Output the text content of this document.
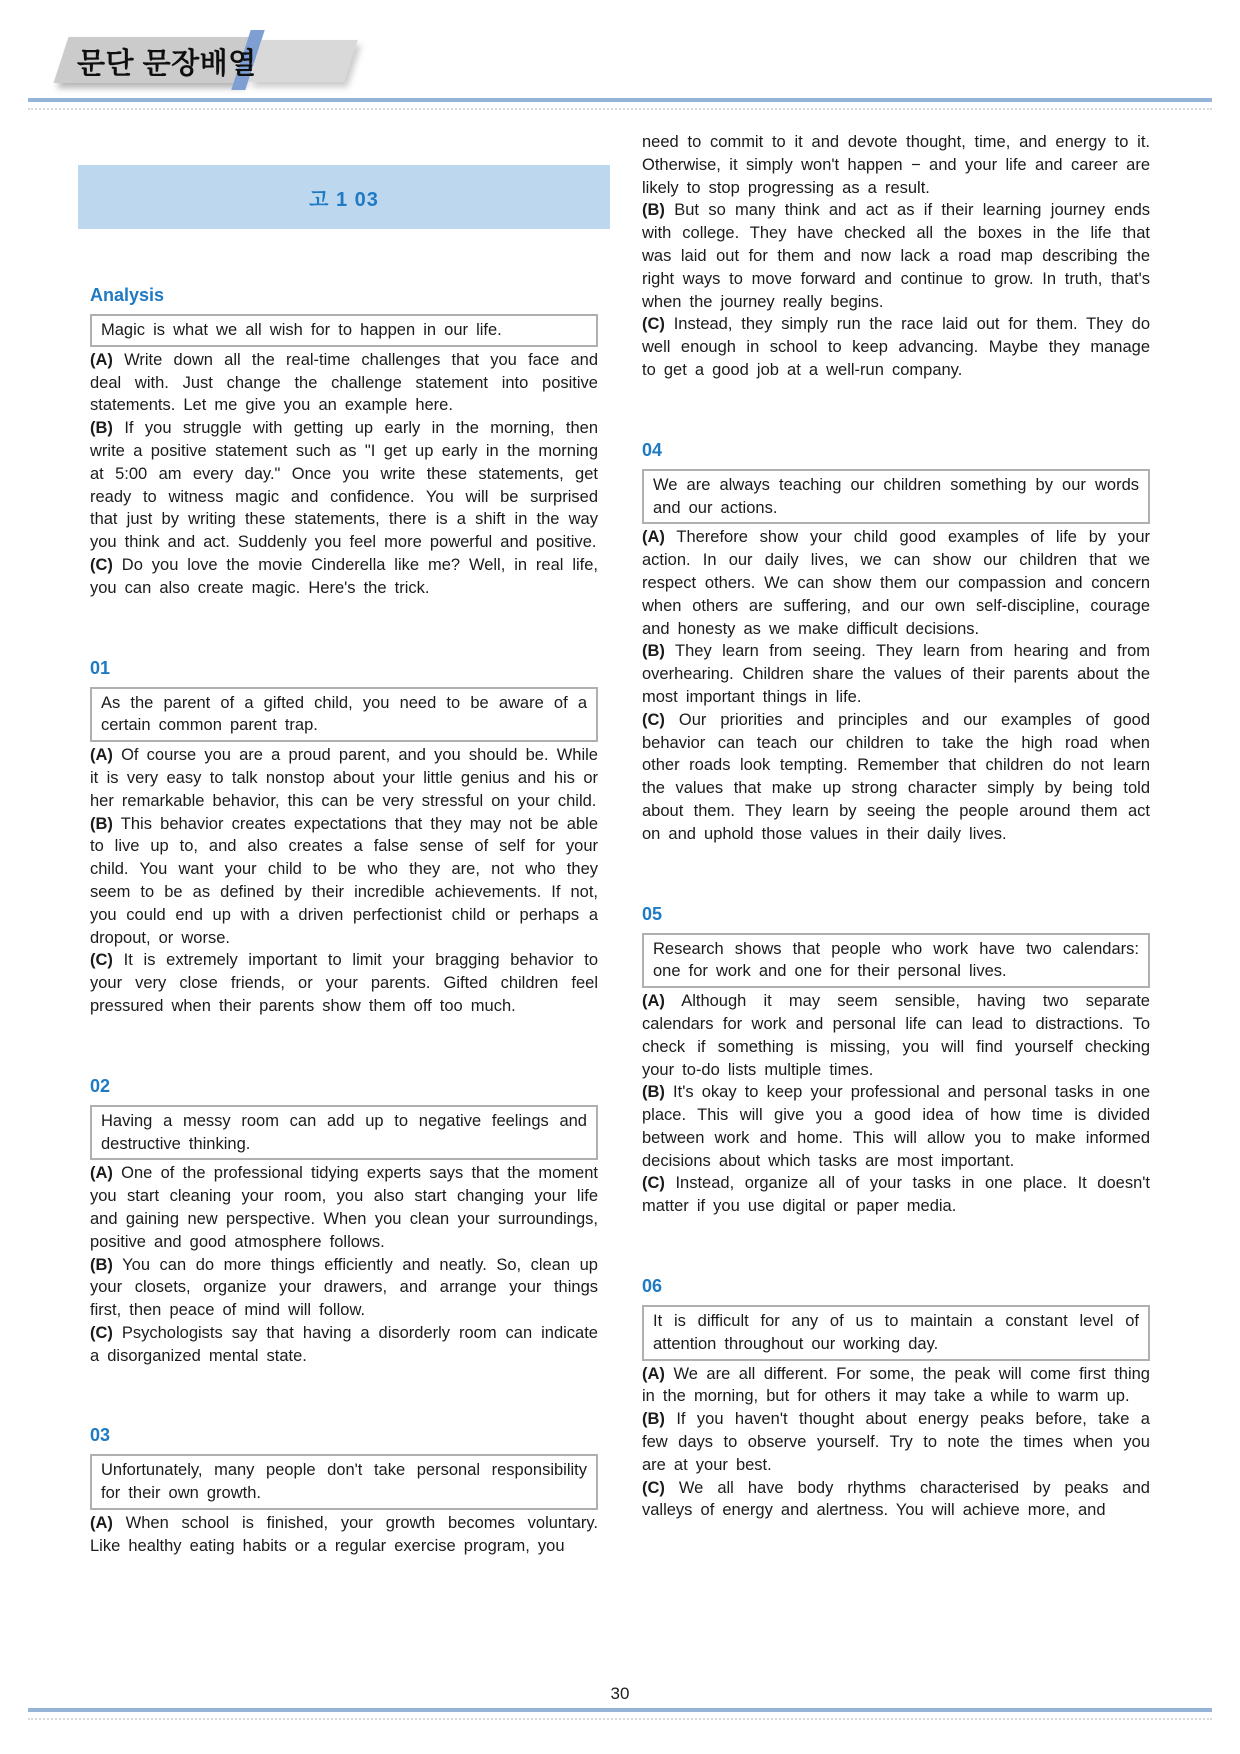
문단 문장배열
고 1 03
Analysis
Magic is what we all wish for to happen in our life.

(A) Write down all the real-time challenges that you face and deal with. Just change the challenge statement into positive statements. Let me give you an example here.

(B) If you struggle with getting up early in the morning, then write a positive statement such as "I get up early in the morning at 5:00 am every day." Once you write these statements, get ready to witness magic and confidence. You will be surprised that just by writing these statements, there is a shift in the way you think and act. Suddenly you feel more powerful and positive.

(C) Do you love the movie Cinderella like me? Well, in real life, you can also create magic. Here's the trick.

01
As the parent of a gifted child, you need to be aware of a certain common parent trap.

(A) Of course you are a proud parent, and you should be. While it is very easy to talk nonstop about your little genius and his or her remarkable behavior, this can be very stressful on your child.

(B) This behavior creates expectations that they may not be able to live up to, and also creates a false sense of self for your child. You want your child to be who they are, not who they seem to be as defined by their incredible achievements. If not, you could end up with a driven perfectionist child or perhaps a dropout, or worse.

(C) It is extremely important to limit your bragging behavior to your very close friends, or your parents. Gifted children feel pressured when their parents show them off too much.

02
Having a messy room can add up to negative feelings and destructive thinking.

(A) One of the professional tidying experts says that the moment you start cleaning your room, you also start changing your life and gaining new perspective. When you clean your surroundings, positive and good atmosphere follows.

(B) You can do more things efficiently and neatly. So, clean up your closets, organize your drawers, and arrange your things first, then peace of mind will follow.

(C) Psychologists say that having a disorderly room can indicate a disorganized mental state.

03
Unfortunately, many people don't take personal responsibility for their own growth.

(A) When school is finished, your growth becomes voluntary. Like healthy eating habits or a regular exercise program, you

need to commit to it and devote thought, time, and energy to it. Otherwise, it simply won't happen − and your life and career are likely to stop progressing as a result.

(B) But so many think and act as if their learning journey ends with college. They have checked all the boxes in the life that was laid out for them and now lack a road map describing the right ways to move forward and continue to grow. In truth, that's when the journey really begins.

(C) Instead, they simply run the race laid out for them. They do well enough in school to keep advancing. Maybe they manage to get a good job at a well-run company.

04
We are always teaching our children something by our words and our actions.

(A) Therefore show your child good examples of life by your action. In our daily lives, we can show our children that we respect others. We can show them our compassion and concern when others are suffering, and our own self-discipline, courage and honesty as we make difficult decisions.

(B) They learn from seeing. They learn from hearing and from overhearing. Children share the values of their parents about the most important things in life.

(C) Our priorities and principles and our examples of good behavior can teach our children to take the high road when other roads look tempting. Remember that children do not learn the values that make up strong character simply by being told about them. They learn by seeing the people around them act on and uphold those values in their daily lives.

05
Research shows that people who work have two calendars: one for work and one for their personal lives.

(A) Although it may seem sensible, having two separate calendars for work and personal life can lead to distractions. To check if something is missing, you will find yourself checking your to-do lists multiple times.

(B) It's okay to keep your professional and personal tasks in one place. This will give you a good idea of how time is divided between work and home. This will allow you to make informed decisions about which tasks are most important.

(C) Instead, organize all of your tasks in one place. It doesn't matter if you use digital or paper media.

06
It is difficult for any of us to maintain a constant level of attention throughout our working day.

(A) We are all different. For some, the peak will come first thing in the morning, but for others it may take a while to warm up.

(B) If you haven't thought about energy peaks before, take a few days to observe yourself. Try to note the times when you are at your best.

(C) We all have body rhythms characterised by peaks and valleys of energy and alertness. You will achieve more, and

30
